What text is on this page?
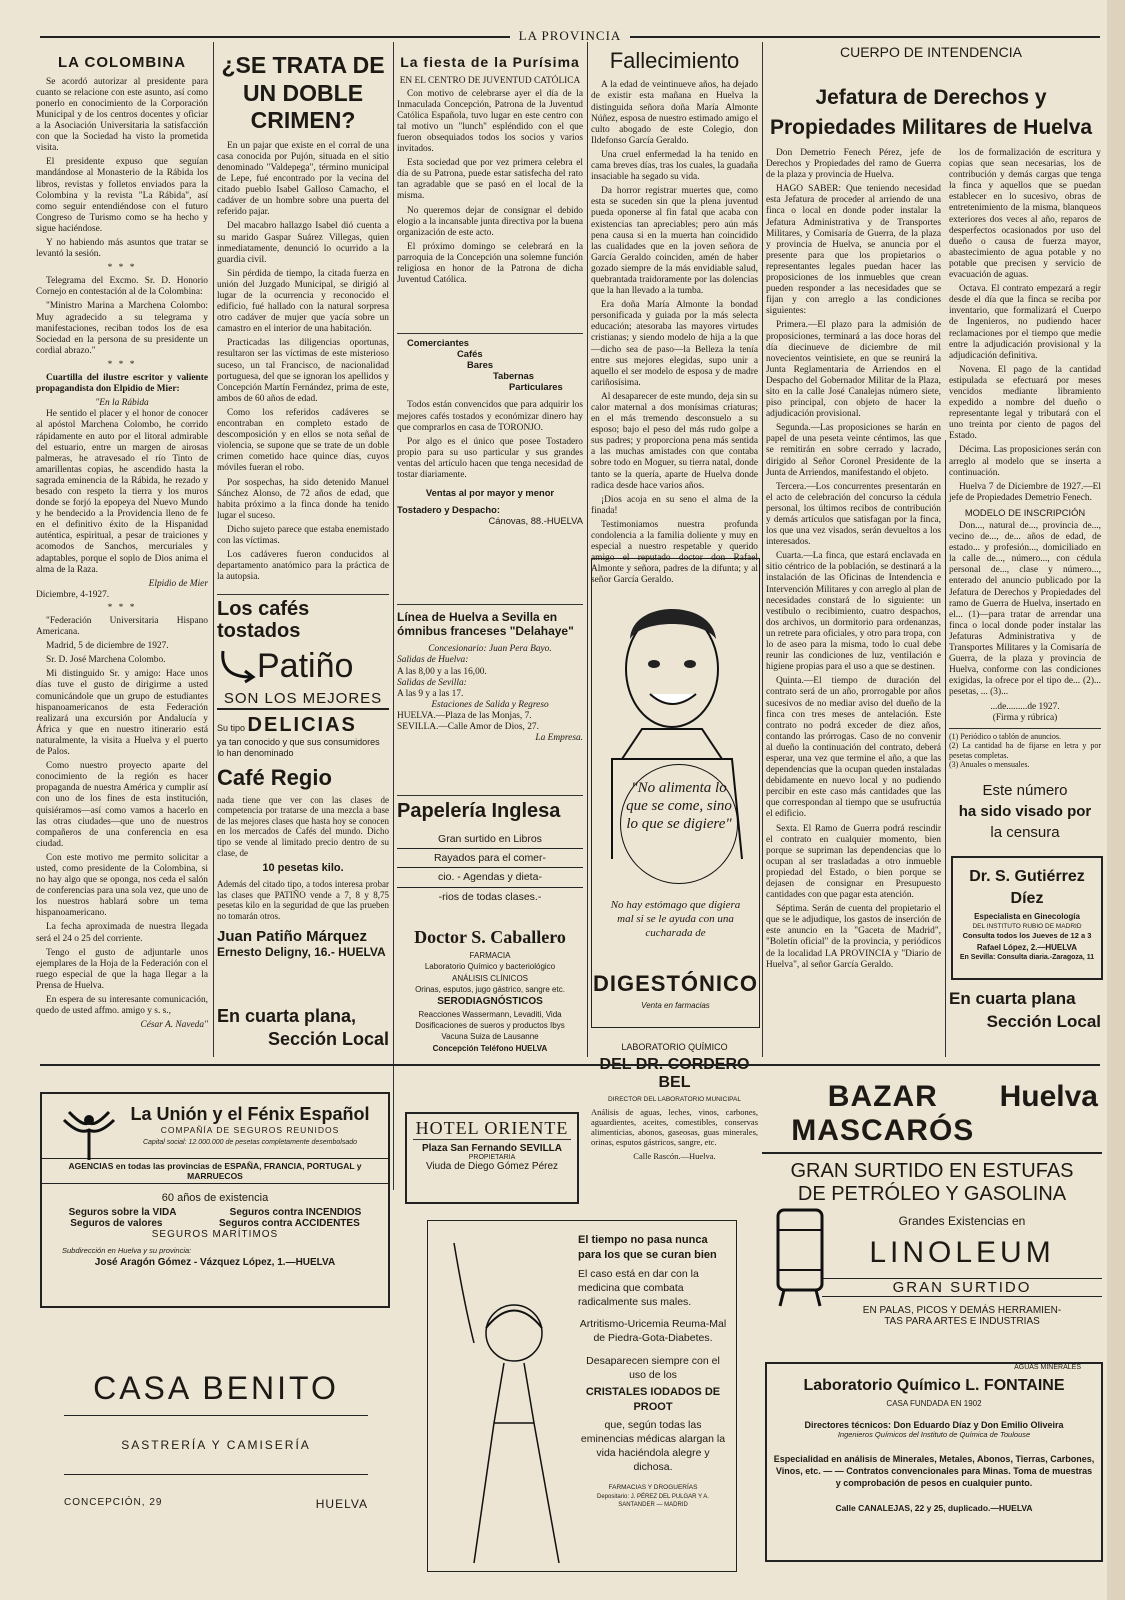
LA PROVINCIA
LA COLOMBINA

Se acordó autorizar al presidente para cuanto se relacione con este asunto, así como ponerlo en conocimiento de la Corporación Municipal y de los centros docentes y oficiar a la Asociación Universitaria la satisfacción con que la Sociedad ha visto la prometida visita.

El presidente expuso que seguían mandándose al Monasterio de la Rábida los libros, revistas y folletos enviados para la Colombina y la revista "La Rábida", así como seguir entendiéndose con el futuro Congreso de Turismo como se ha hecho y sigue haciéndose.

Y no habiendo más asuntos que tratar se levantó la sesión.

* * *

Telegrama del Excmo. Sr. D. Honorio Cornejo en contestación al de la Colombina:

"Ministro Marina a Marchena Colombo: Muy agradecido a su telegrama y manifestaciones, reciban todos los de esa Sociedad en la persona de su presidente un cordial abrazo."

* * *

Cuartilla del ilustre escritor y valiente propagandista don Elpidio de Mier:

"En la Rábida

He sentido el placer y el honor de conocer al apóstol Marchena Colombo, he corrido rápidamente en auto por el litoral admirable del estuario, entre un margen de airosas palmeras, he atravesado el río Tinto de amarillentas copias, he ascendido hasta la sagrada eminencia de la Rábida, he rezado y besado con respeto la tierra y los muros donde se forjó la epopeya del Nuevo Mundo y he bendecido a la Providencia lleno de fe en el definitivo éxito de la Hispanidad auténtica, espiritual, a pesar de traiciones y acomodos de Sanchos, mercuriales y adaptables, porque el soplo de Dios anima el alma de la Raza.

Elpidio de Mier
Diciembre, 4-1927.
* * *

"Federación Universitaria Hispano Americana.

Madrid, 5 de diciembre de 1927.

Sr. D. José Marchena Colombo.

Mi distinguido Sr. y amigo: Hace unos días tuve el gusto de dirigirme a usted comunicándole que un grupo de estudiantes hispanoamericanos de esta Federación realizará una excursión por Andalucía y África y que en nuestro itinerario está naturalmente, la visita a Huelva y el puerto de Palos.

Como nuestro proyecto aparte del conocimiento de la región es hacer propaganda de nuestra América y cumplir así con uno de los fines de esta institución, quisiéramos—así como vamos a hacerlo en las otras ciudades—que uno de nuestros compañeros de una conferencia en esa ciudad.

Con este motivo me permito solicitar a usted, como presidente de la Colombina, si no hay algo que se oponga, nos ceda el salón de conferencias para una sola vez, que uno de los nuestros hablará sobre un tema hispanoamericano.

La fecha aproximada de nuestra llegada será el 24 o 25 del corriente.

Tengo el gusto de adjuntarle unos ejemplares de la Hoja de la Federación con el ruego especial de que la haga llegar a la Prensa de Huelva.

En espera de su interesante comunicación, quedo de usted affmo. amigo y s. s.,

César A. Naveda"
¿SE TRATA DE UN DOBLE CRIMEN?

En un pajar que existe en el corral de una casa conocida por Pujón, situada en el sitio denominado "Valdepega", término municipal de Lepe, fué encontrado por la vecina del citado pueblo Isabel Galloso Camacho, el cadáver de un hombre sobre una puerta del referido pajar.

Del macabro hallazgo Isabel dió cuenta a su marido Gaspar Suárez Villegas, quien inmediatamente, denunció lo ocurrido a la guardia civil.

Sin pérdida de tiempo, la citada fuerza en unión del Juzgado Municipal, se dirigió al lugar de la ocurrencia y reconocido el edificio, fué hallado con la natural sorpresa otro cadáver de mujer que yacía sobre un camastro en el interior de una habitación.

Practicadas las diligencias oportunas, resultaron ser las víctimas de este misterioso suceso, un tal Francisco, de nacionalidad portuguesa, del que se ignoran los apellidos y Concepción Martín Fernández, prima de este, ambos de 60 años de edad.

Como los referidos cadáveres se encontraban en completo estado de descomposición y en ellos se nota señal de violencia, se supone que se trate de un doble crimen cometido hace quince días, cuyos móviles fueran el robo.

Por sospechas, ha sido detenido Manuel Sánchez Alonso, de 72 años de edad, que habita próximo a la finca donde ha tenido lugar el suceso.

Dicho sujeto parece que estaba enemistado con las víctimas.

Los cadáveres fueron conducidos al departamento anatómico para la práctica de la autopsia.

Los cafés tostados
Patiño
SON LOS MEJORES
Su tipo DELICIAS
ya tan conocido y que sus consumidores lo han denominado
Café Regio
nada tiene que ver con las clases de competencia por tratarse de una mezcla a base de las mejores clases que hasta hoy se conocen en los mercados de Cafés del mundo. Dicho tipo se vende al limitado precio dentro de su clase, de
10 pesetas kilo.
Además del citado tipo, a todos interesa probar las clases que PATIÑO vende a 7, 8 y 8,75 pesetas kilo en la seguridad de que las prueben no tomarán otros.
Juan Patiño Márquez
Ernesto Deligny, 16.- HUELVA
En cuarta plana,
Sección Local
La fiesta de la Purísima
EN EL CENTRO DE JUVENTUD CATÓLICA

Con motivo de celebrarse ayer el día de la Inmaculada Concepción, Patrona de la Juventud Católica Española, tuvo lugar en este centro con tal motivo un "lunch" espléndido con el que fueron obsequiados todos los socios y varios invitados.

Esta sociedad que por vez primera celebra el día de su Patrona, puede estar satisfecha del rato tan agradable que se pasó en el local de la misma.

No queremos dejar de consignar el debido elogio a la incansable junta directiva por la buena organización de este acto.

El próximo domingo se celebrará en la parroquia de la Concepción una solemne función religiosa en honor de la Patrona de dicha Juventud Católica.

Comerciantes
Cafés
Bares
Tabernas
Particulares

Todos están convencidos que para adquirir los mejores cafés tostados y económizar dinero hay que comprarlos en casa de TORONJO.

Por algo es el único que posee Tostadero propio para su uso particular y sus grandes ventas del artículo hacen que tenga necesidad de tostar diariamente.

Ventas al por mayor y menor
Tostadero y Despacho:
Cánovas, 88.-HUELVA
Línea de Huelva a Sevilla en
ómnibus franceses "Delahaye"
Concesionario: Juan Pera Bayo.
Salidas de Huelva:
A las 8,00 y a las 16,00.
Salidas de Sevilla:
A las 9 y a las 17.
Estaciones de Salida y Regreso
HUELVA.—Plaza de las Monjas, 7.
SEVILLA.—Calle Amor de Dios, 27.
La Empresa.
Papelería Inglesa
Gran surtido en Libros
Rayados para el comer-
cio. - Agendas y dieta-
-rios de todas clases.-
Doctor S. Caballero
FARMACIA
Laboratorio Químico y bacteriológico
ANÁLISIS CLÍNICOS
Orinas, esputos, jugo gástrico, sangre etc.
SERODIAGNÓSTICOS
Reacciones Wassermann, Levaditi, Vida
Dosificaciones de sueros y productos Ibys
Vacuna Suiza de Lausanne
Concepción Teléfono HUELVA
HOTEL ORIENTE
Plaza San Fernando SEVILLA
PROPIETARIA
Viuda de Diego Gómez Pérez
Fallecimiento

A la edad de veintinueve años, ha dejado de existir esta mañana en Huelva la distinguida señora doña María Almonte Núñez, esposa de nuestro estimado amigo el culto abogado de este Colegio, don Ildefonso García Geraldo.

Una cruel enfermedad la ha tenido en cama breves días, tras los cuales, la guadaña insaciable ha segado su vida.

Da horror registrar muertes que, como esta se suceden sin que la plena juventud pueda oponerse al fin fatal que acaba con existencias tan apreciables; pero aún más pena causa si en la muerta han coincidido las cualidades que en la joven señora de García Geraldo coinciden, amén de haber gozado siempre de la más envidiable salud, quebrantada traidoramente por las dolencias que la han llevado a la tumba.

Era doña María Almonte la bondad personificada y guiada por la más selecta educación; atesoraba las mayores virtudes cristianas; y siendo modelo de hija a la que—dicho sea de paso—la Belleza la tenía entre sus mejores elegidas, supo unir a aquello el ser modelo de esposa y de madre cariñosísima.

Al desaparecer de este mundo, deja sin su calor maternal a dos monísimas criaturas; en el más tremendo desconsuelo a su esposo; bajo el peso del más rudo golpe a sus padres; y proporciona pena más sentida a las muchas amistades con que contaba sobre todo en Moguer, su tierra natal, donde tanto se la quería, aparte de Huelva donde radica desde hace varios años.

¡Dios acoja en su seno el alma de la finada!

Testimoniamos nuestra profunda condolencia a la familia doliente y muy en especial a nuestro respetable y querido amigo el reputado doctor don Rafael Almonte y señora, padres de la difunta; y al señor García Geraldo.

"No alimenta lo que se come, sino lo que se digiere"
No hay estómago que digiera mal si se le ayuda con una cucharada de
DIGESTÓNICO
Venta en farmacias
LABORATORIO QUÍMICO
DEL DR. CORDERO BEL
DIRECTOR DEL LABORATORIO MUNICIPAL
Análisis de aguas, leches, vinos, carbones, aguardientes, aceites, comestibles, conservas alimenticias, abonos, gaseosas, guas minerales, orinas, esputos gástricos, sangre, etc.
Calle Rascón.—Huelva.
CUERPO DE INTENDENCIA
Jefatura de Derechos y Propiedades Militares de Huelva

Don Demetrio Fenech Pérez, jefe de Derechos y Propiedades del ramo de Guerra de la plaza y provincia de Huelva.

HAGO SABER: Que teniendo necesidad esta Jefatura de proceder al arriendo de una finca o local en donde poder instalar la Jefatura Administrativa y de Transportes Militares, y Comisaría de Guerra, de la plaza y provincia de Huelva, se anuncia por el presente para que los propietarios o representantes legales puedan hacer las proposiciones de los inmuebles que crean pueden responder a las necesidades que se fijan y con arreglo a las condiciones siguientes:

Primera.—El plazo para la admisión de proposiciones, terminará a las doce horas del día diecinueve de diciembre de mil novecientos veintisiete, en que se reunirá la Junta Reglamentaria de Arriendos en el Despacho del Gobernador Militar de la Plaza, sito en la calle José Canalejas número siete, piso principal, con objeto de hacer la adjudicación provisional.

Segunda.—Las proposiciones se harán en papel de una peseta veinte céntimos, las que se remitirán en sobre cerrado y lacrado, dirigido al Señor Coronel Presidente de la Junta de Arriendos, manifestando el objeto.

Tercera.—Los concurrentes presentarán en el acto de celebración del concurso la cédula personal, los últimos recibos de contribución y demás artículos que satisfagan por la finca, los que una vez visados, serán devueltos a los interesados.

Cuarta.—La finca, que estará enclavada en sitio céntrico de la población, se destinará a la instalación de las Oficinas de Intendencia e Intervención Militares y con arreglo al plan de necesidades constará de lo siguiente: un vestíbulo o recibimiento, cuatro despachos, dos archivos, un dormitorio para ordenanzas, un retrete para oficiales, y otro para tropa, con lo de aseo para la misma, todo lo cual debe reunir las condiciones de luz, ventilación e higiene propias para el uso a que se destinen.

Quinta.—El tiempo de duración del contrato será de un año, prorrogable por años sucesivos de no mediar aviso del dueño de la finca con tres meses de antelación. Este contrato no podrá exceder de diez años, contando las prórrogas. Caso de no convenir al dueño la continuación del contrato, deberá esperar, una vez que termine el año, a que las dependencias que la ocupan queden instaladas debidamente en nuevo local y no pudiendo percibir en este caso más cantidades que las que correspondan al tiempo que se usufructúa el edificio.

Sexta. El Ramo de Guerra podrá rescindir el contrato en cualquier momento, bien porque se supriman las dependencias que lo ocupan al ser trasladadas a otro inmueble propiedad del Estado, o bien porque se dejasen de consignar en Presupuesto cantidades con que pagar esta atención.

Séptima. Serán de cuenta del propietario el que se le adjudique, los gastos de inserción de este anuncio en la "Gaceta de Madrid", "Boletín oficial" de la provincia, y periódicos de la localidad LA PROVINCIA y "Diario de Huelva", al señor García Geraldo.

los de formalización de escritura y copias que sean necesarias, los de contribución y demás cargas que tenga la finca y aquellos que se puedan establecer en lo sucesivo, obras de entretenimiento de la misma, blanqueos exteriores dos veces al año, reparos de desperfectos ocasionados por uso del dueño o causa de fuerza mayor, abastecimiento de agua potable y no potable que precisen y servicio de evacuación de aguas.

Octava. El contrato empezará a regir desde el día que la finca se reciba por inventario, que formalizará el Cuerpo de Ingenieros, no pudiendo hacer reclamaciones por el tiempo que medie entre la adjudicación provisional y la adjudicación definitiva.

Novena. El pago de la cantidad estipulada se efectuará por meses vencidos mediante libramiento expedido a nombre del dueño o representante legal y tributará con el uno treinta por ciento de pagos del Estado.

Décima. Las proposiciones serán con arreglo al modelo que se inserta a continuación.

Huelva 7 de Diciembre de 1927.—El jefe de Propiedades Demetrio Fenech.

MODELO DE INSCRIPCIÓN

Don..., natural de..., provincia de..., vecino de..., de... años de edad, de estado... y profesión..., domiciliado en la calle de..., número..., con cédula personal de..., clase y número..., enterado del anuncio publicado por la Jefatura de Derechos y Propiedades del ramo de Guerra de Huelva, insertado en el... (1)—para tratar de arrendar una finca o local donde poder instalar las Jefaturas Administrativa y de Transportes Militares y la Comisaría de Guerra, de la plaza y provincia de Huelva, conforme con las condiciones exigidas, la ofrece por el tipo de... (2)... pesetas, ... (3)...

...de.........de 1927.
(Firma y rúbrica)
(1) Periódico o tablón de anuncios.
(2) La cantidad ha de fijarse en letra y por pesetas completas.
(3) Anuales o mensuales.
Este número
ha sido visado por
la censura
Dr. S. Gutiérrez Díez
Especialista en Ginecología
DEL INSTITUTO RUBIO DE MADRID
Consulta todos los Jueves de 12 a 3
Rafael López, 2.—HUELVA
En Sevilla: Consulta diaria.-Zaragoza, 11
En cuarta plana
Sección Local
La Unión y el Fénix Español
COMPAÑÍA DE SEGUROS REUNIDOS
Capital social: 12.000.000 de pesetas completamente desembolsado
AGENCIAS en todas las provincias de ESPAÑA, FRANCIA, PORTUGAL y MARRUECOS
60 años de existencia
Seguros sobre la VIDA	Seguros contra INCENDIOS
Seguros de valores	Seguros contra ACCIDENTES
SEGUROS MARÍTIMOS
Subdirección en Huelva y su provincia:
José Aragón Gómez - Vázquez López, 1.—HUELVA
CASA BENITO
SASTRERÍA Y CAMISERÍA
CONCEPCIÓN, 29	HUELVA
El tiempo no pasa nunca
para los que se curan bien
El caso está en dar con la medicina que combata radicalmente sus males.
Artritismo-Uricemia Reuma-Mal de Piedra-Gota-Diabetes.
Desaparecen siempre con el uso de los
CRISTALES IODADOS DE PROOT
que, según todas las eminencias médicas alargan la vida haciéndola alegre y dichosa.
FARMACIAS Y DROGUERÍAS
Depositario: J. PÉREZ DEL PULGAR Y A. SANTANDER — MADRID
BAZAR MASCARÓS
Huelva
GRAN SURTIDO EN ESTUFAS
DE PETRÓLEO Y GASOLINA
Grandes Existencias en
LINOLEUM
GRAN SURTIDO
EN PALAS, PICOS Y DEMÁS HERRAMIEN-
TAS PARA ARTES E INDUSTRIAS
AGUAS MINERALES
Laboratorio Químico L. FONTAINE
CASA FUNDADA EN 1902
Directores técnicos: Don Eduardo Díaz y Don Emilio Oliveira
Ingenieros Químicos del Instituto de Química de Toulouse
Especialidad en análisis de Minerales, Metales, Abonos, Tierras, Carbones, Vinos, etc. — — Contratos convencionales para Minas. Toma de muestras y comprobación de pesos en cualquier punto.
Calle CANALEJAS, 22 y 25, duplicado.—HUELVA
